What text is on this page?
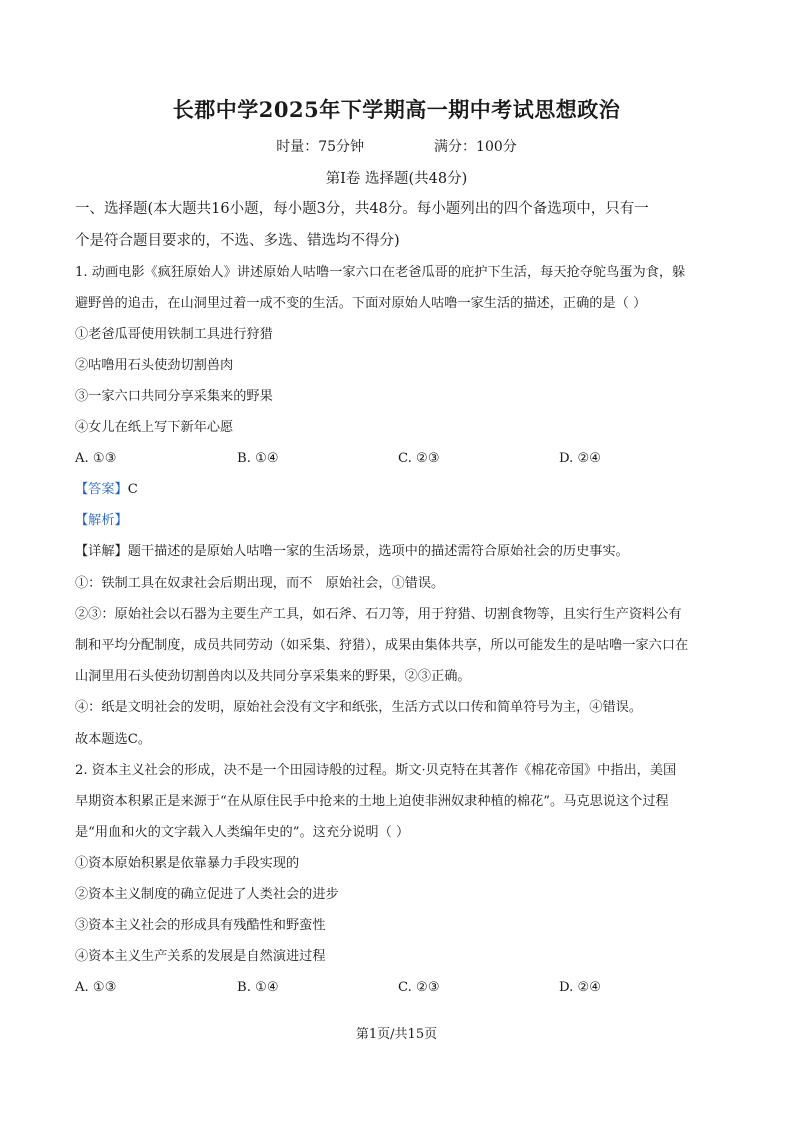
长郡中学2025年下学期高一期中考试思想政治
时量：75分钟	满分：100分
第Ⅰ卷 选择题(共48分)
一、选择题(本大题共16小题，每小题3分，共48分。每小题列出的四个备选项中，只有一
个是符合题目要求的，不选、多选、错选均不得分)
1. 动画电影《疯狂原始人》讲述原始人咕噜一家六口在老爸瓜哥的庇护下生活，每天抢夺鸵鸟蛋为食，躲
避野兽的追击，在山洞里过着一成不变的生活。下面对原始人咕噜一家生活的描述，正确的是（ ）
①老爸瓜哥使用铁制工具进行狩猎
②咕噜用石头使劲切割兽肉
③一家六口共同分享采集来的野果
④女儿在纸上写下新年心愿
A. ①③	B. ①④	C. ②③	D. ②④
【答案】C
【解析】
【详解】题干描述的是原始人咕噜一家的生活场景，选项中的描述需符合原始社会的历史事实。
①：铁制工具在奴隶社会后期出现，而不　原始社会，①错误。
②③：原始社会以石器为主要生产工具，如石斧、石刀等，用于狩猎、切割食物等，且实行生产资料公有
制和平均分配制度，成员共同劳动（如采集、狩猎），成果由集体共享，所以可能发生的是咕噜一家六口在
山洞里用石头使劲切割兽肉以及共同分享采集来的野果，②③正确。
④：纸是文明社会的发明，原始社会没有文字和纸张，生活方式以口传和简单符号为主，④错误。
故本题选C。
2. 资本主义社会的形成，决不是一个田园诗般的过程。斯文·贝克特在其著作《棉花帝国》中指出，美国
早期资本积累正是来源于“在从原住民手中抢来的土地上迫使非洲奴隶种植的棉花”。马克思说这个过程
是“用血和火的文字载入人类编年史的”。这充分说明（ ）
①资本原始积累是依靠暴力手段实现的
②资本主义制度的确立促进了人类社会的进步
③资本主义社会的形成具有残酷性和野蛮性
④资本主义生产关系的发展是自然演进过程
A. ①③	B. ①④	C. ②③	D. ②④
第1页/共15页
